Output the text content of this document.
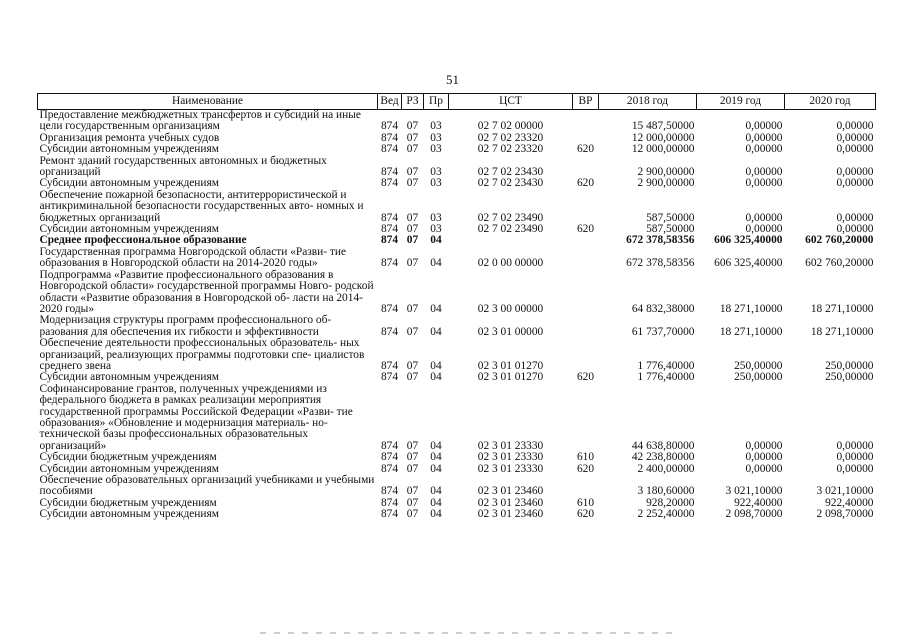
51
Наименование	Вед	РЗ	Пр	ЦСТ	ВР	2018 год	2019 год	2020 год
Предоставление межбюджетных трансфертов и субсидий на иные цели государственным организациям	874	07	03	02 7 02 00000		15 487,50000	0,00000	0,00000
Организация ремонта учебных судов	874	07	03	02 7 02 23320		12 000,00000	0,00000	0,00000
Субсидии автономным учреждениям	874	07	03	02 7 02 23320	620	12 000,00000	0,00000	0,00000
Ремонт зданий государственных автономных и бюджетных организаций	874	07	03	02 7 02 23430		2 900,00000	0,00000	0,00000
Субсидии автономным учреждениям	874	07	03	02 7 02 23430	620	2 900,00000	0,00000	0,00000
Обеспечение пожарной безопасности, антитеррористической и антикриминальной безопасности государственных авто- номных и бюджетных организаций	874	07	03	02 7 02 23490		587,50000	0,00000	0,00000
Субсидии автономным учреждениям	874	07	03	02 7 02 23490	620	587,50000	0,00000	0,00000
Среднее профессиональное образование	874	07	04			672 378,58356	606 325,40000	602 760,20000
Государственная программа Новгородской области «Разви- тие образования в Новгородской области на 2014-2020 годы»	874	07	04	02 0 00 00000		672 378,58356	606 325,40000	602 760,20000
Подпрограмма «Развитие профессионального образования в Новгородской области» государственной программы Новго- родской области «Развитие образования в Новгородской об- ласти на 2014-2020 годы»	874	07	04	02 3 00 00000		64 832,38000	18 271,10000	18 271,10000
Модернизация структуры программ профессионального об- разования для обеспечения их гибкости и эффективности	874	07	04	02 3 01 00000		61 737,70000	18 271,10000	18 271,10000
Обеспечение деятельности профессиональных образователь- ных организаций, реализующих программы подготовки спе- циалистов среднего звена	874	07	04	02 3 01 01270		1 776,40000	250,00000	250,00000
Субсидии автономным учреждениям	874	07	04	02 3 01 01270	620	1 776,40000	250,00000	250,00000
Софинансирование грантов, полученных учреждениями из федерального бюджета в рамках реализации мероприятия государственной программы Российской Федерации «Разви- тие образования» «Обновление и модернизация материаль- но-технической базы профессиональных образовательных организаций»	874	07	04	02 3 01 23330		44 638,80000	0,00000	0,00000
Субсидии бюджетным учреждениям	874	07	04	02 3 01 23330	610	42 238,80000	0,00000	0,00000
Субсидии автономным учреждениям	874	07	04	02 3 01 23330	620	2 400,00000	0,00000	0,00000
Обеспечение образовательных организаций учебниками и учебными пособиями	874	07	04	02 3 01 23460		3 180,60000	3 021,10000	3 021,10000
Субсидии бюджетным учреждениям	874	07	04	02 3 01 23460	610	928,20000	922,40000	922,40000
Субсидии автономным учреждениям	874	07	04	02 3 01 23460	620	2 252,40000	2 098,70000	2 098,70000
